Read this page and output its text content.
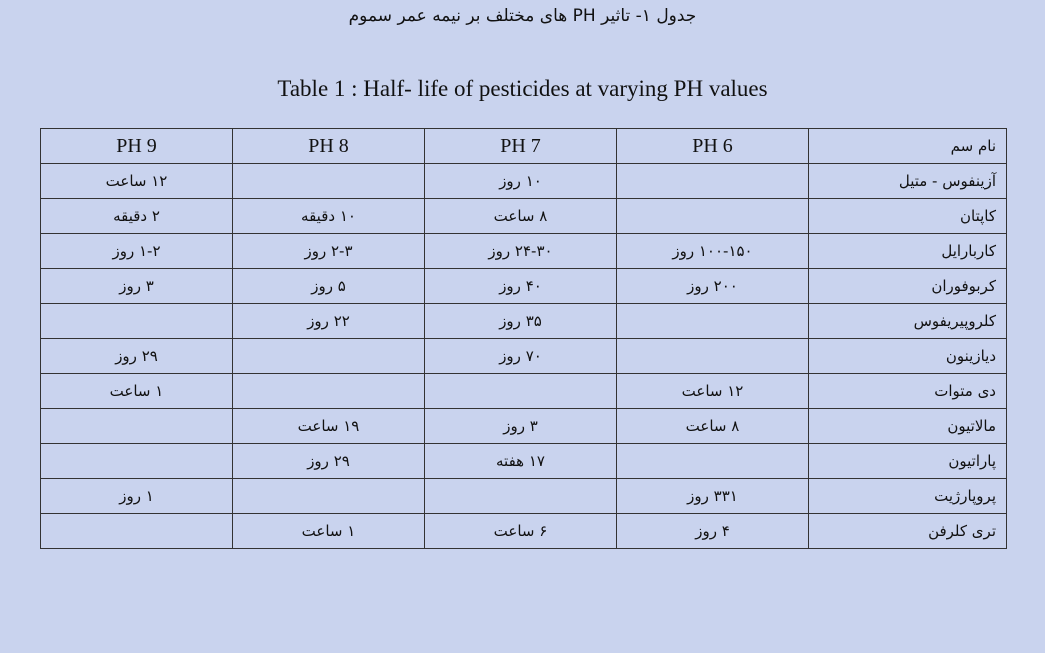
جدول ۱- تاثیر PH های مختلف بر نیمه عمر سموم
Table 1 : Half- life of pesticides at varying PH values
PH 9	PH 8	PH 7	PH 6	نام سم
۱۲ ساعت		۱۰ روز		آزینفوس - متیل
۲ دقیقه	۱۰ دقیقه	۸ ساعت		کاپتان
۱-۲ روز	۲-۳ روز	۲۴-۳۰ روز	۱۰۰-۱۵۰ روز	کاربارایل
۳ روز	۵ روز	۴۰ روز	۲۰۰ روز	کربوفوران
	۲۲ روز	۳۵ روز		کلروپیریفوس
۲۹ روز		۷۰ روز		دیازینون
۱ ساعت			۱۲ ساعت	دی متوات
	۱۹ ساعت	۳ روز	۸ ساعت	مالاتیون
	۲۹ روز	۱۷ هفته		پاراتیون
۱ روز			۳۳۱ روز	پروپارژیت
	۱ ساعت	۶ ساعت	۴ روز	تری کلرفن
